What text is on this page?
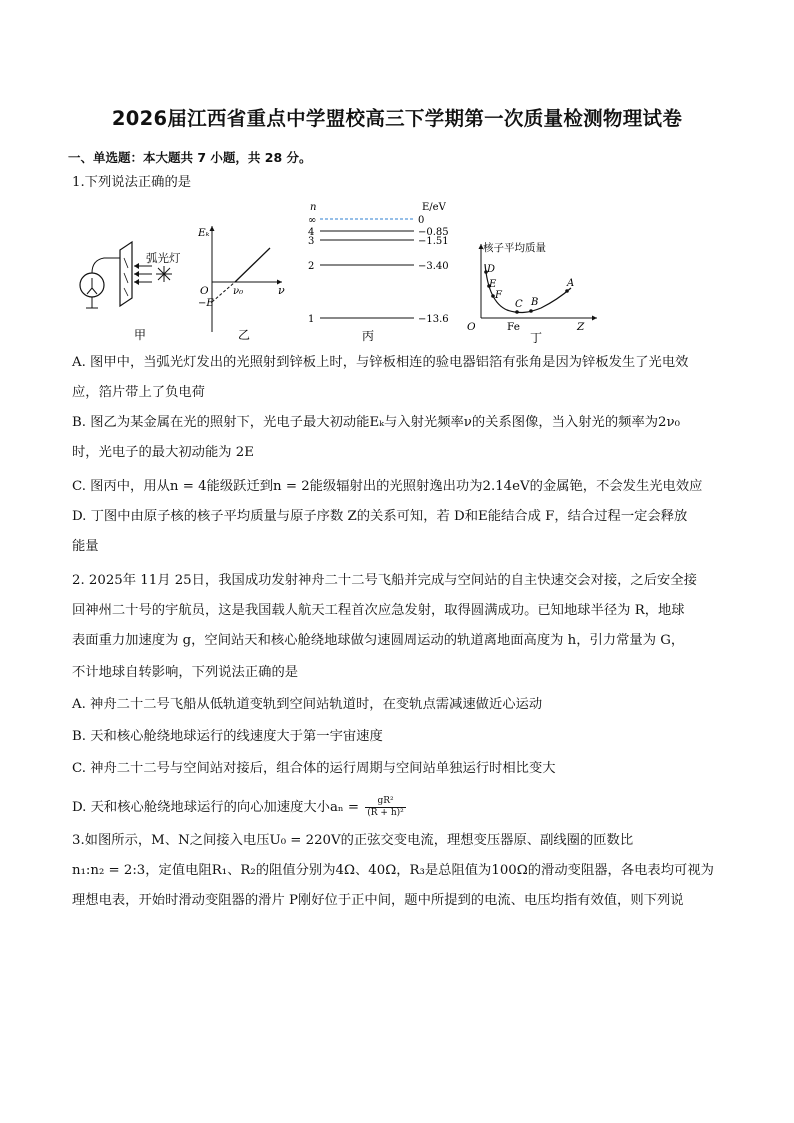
2026届江西省重点中学盟校高三下学期第一次质量检测物理试卷
一、单选题：本大题共 7 小题，共 28 分。
1.下列说法正确的是
甲
弧光灯
Eₖ
ν
O ν₀
−E
乙
n	E/eV
∞	0
4	−0.85
3	−1.51
2	−3.40
1	−13.6
丙
核子平均质量
D
E
F
C B
A
O	Fe	Z
丁
A. 图甲中，当弧光灯发出的光照射到锌板上时，与锌板相连的验电器铝箔有张角是因为锌板发生了光电效
应，箔片带上了负电荷
B. 图乙为某金属在光的照射下，光电子最大初动能Eₖ与入射光频率ν的关系图像，当入射光的频率为2ν₀
时，光电子的最大初动能为 2E
C. 图丙中，用从n = 4能级跃迁到n = 2能级辐射出的光照射逸出功为2.14eV的金属铯，不会发生光电效应
D. 丁图中由原子核的核子平均质量与原子序数 Z的关系可知，若 D和E能结合成 F，结合过程一定会释放
能量
2. 2025年 11月 25日，我国成功发射神舟二十二号飞船并完成与空间站的自主快速交会对接，之后安全接
回神州二十号的宇航员，这是我国载人航天工程首次应急发射，取得圆满成功。已知地球半径为 R，地球
表面重力加速度为 g，空间站天和核心舱绕地球做匀速圆周运动的轨道离地面高度为 h，引力常量为 G，
不计地球自转影响，下列说法正确的是
A. 神舟二十二号飞船从低轨道变轨到空间站轨道时，在变轨点需减速做近心运动
B. 天和核心舱绕地球运行的线速度大于第一宇宙速度
C. 神舟二十二号与空间站对接后，组合体的运行周期与空间站单独运行时相比变大
D. 天和核心舱绕地球运行的向心加速度大小$a_n = \frac{\text{gR²}}{\text{(R + h)²}}$
3.如图所示，M、N之间接入电压U₀ = 220V的正弦交变电流，理想变压器原、副线圈的匝数比
n₁:n₂ = 2:3，定值电阻R₁、R₂的阻值分别为4Ω、40Ω，R₃是总阻值为100Ω的滑动变阻器，各电表均可视为
理想电表，开始时滑动变阻器的滑片 P刚好位于正中间，题中所提到的电流、电压均指有效值，则下列说
